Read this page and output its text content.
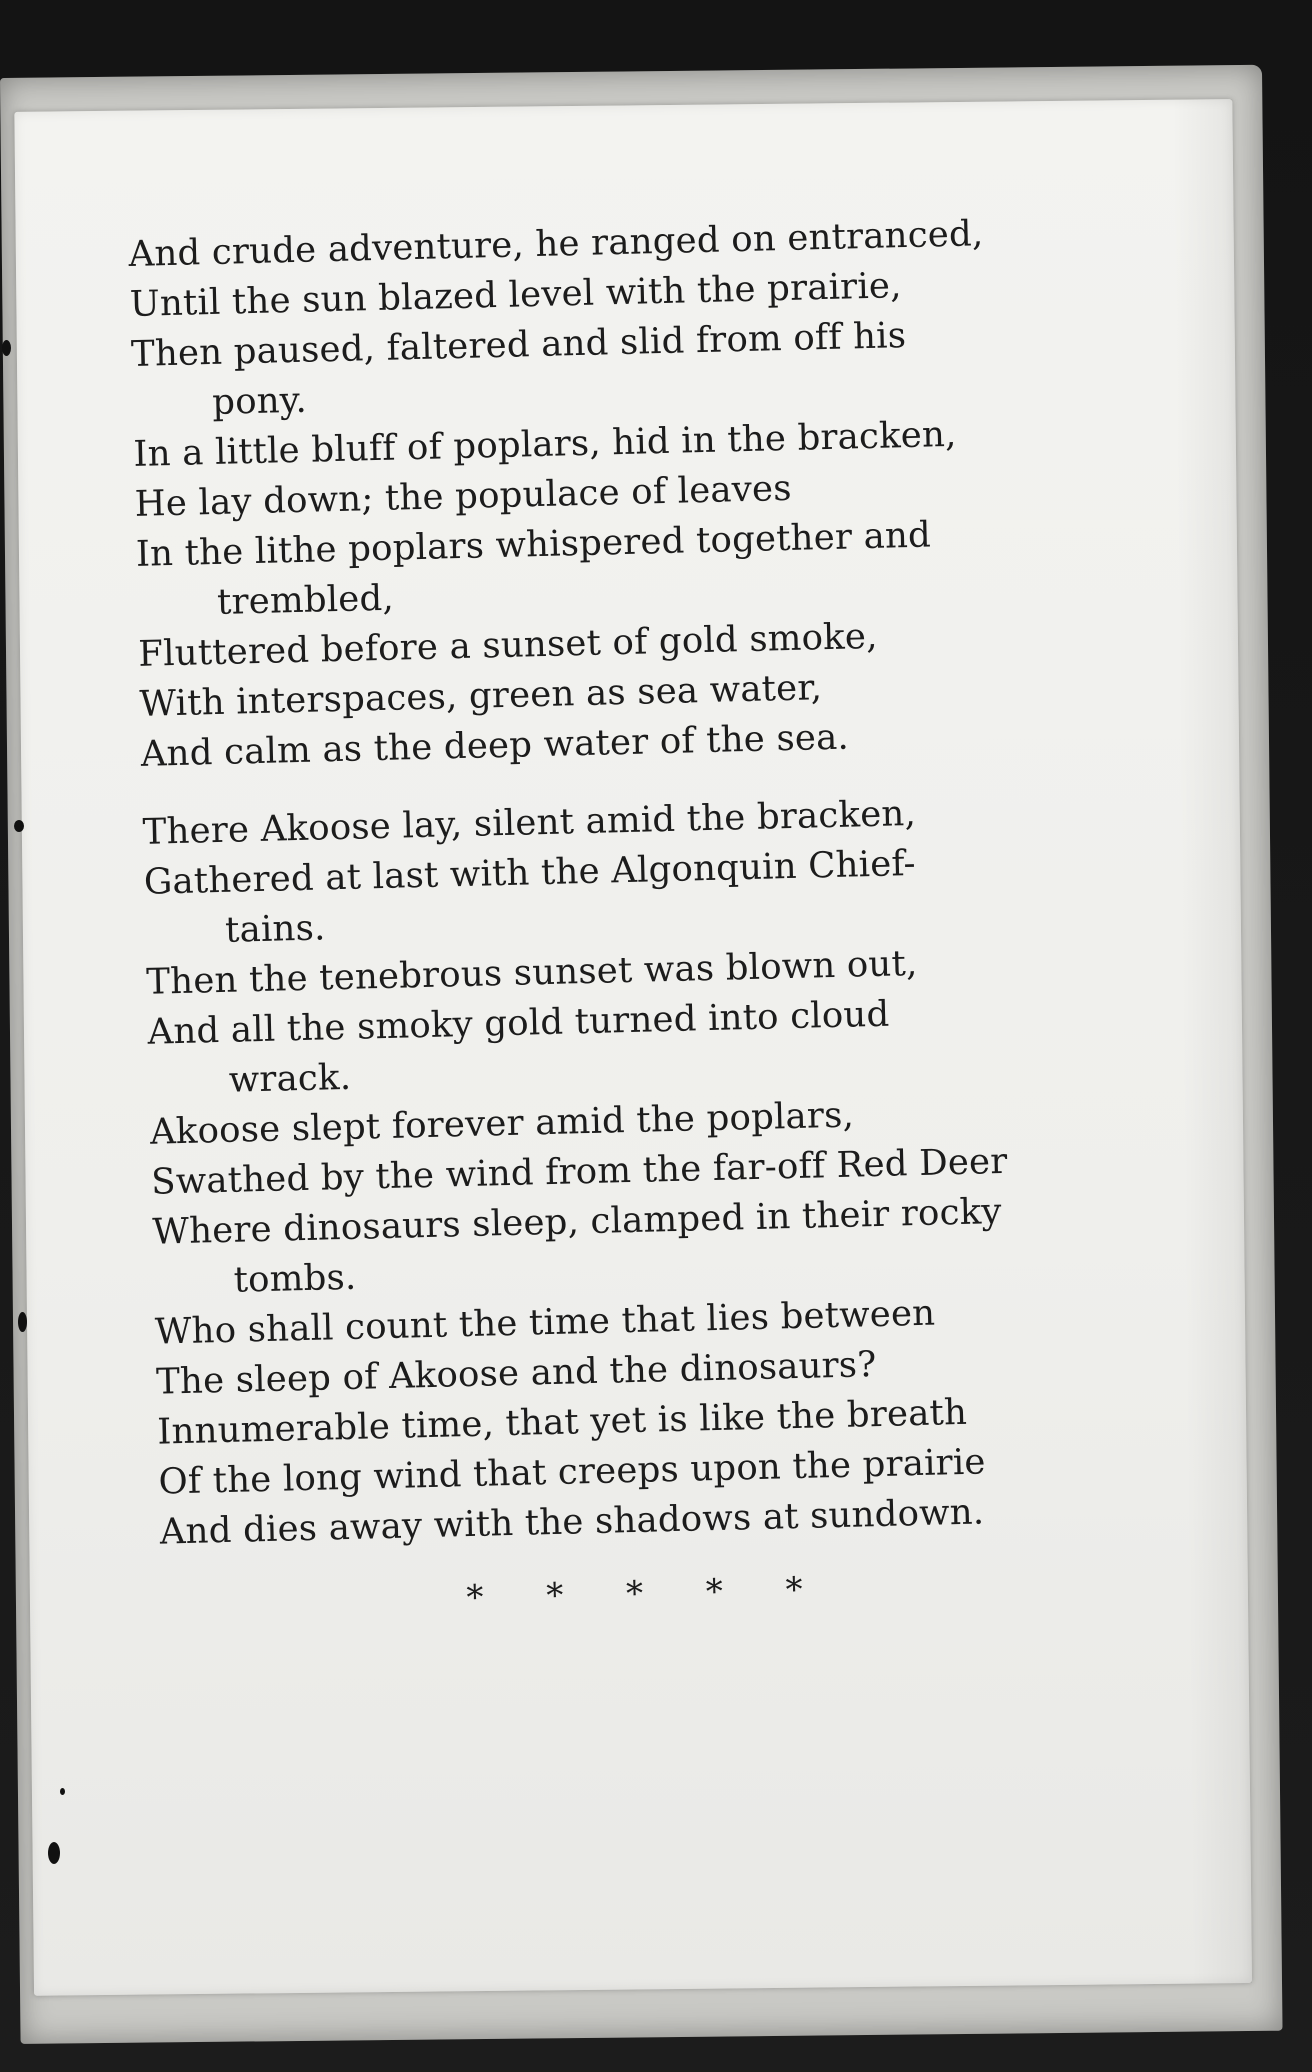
And crude adventure, he ranged on entranced,
Until the sun blazed level with the prairie,
Then paused, faltered and slid from off his
pony.
In a little bluff of poplars, hid in the bracken,
He lay down; the populace of leaves
In the lithe poplars whispered together and
trembled,
Fluttered before a sunset of gold smoke,
With interspaces, green as sea water,
And calm as the deep water of the sea.
There Akoose lay, silent amid the bracken,
Gathered at last with the Algonquin Chief-
tains.
Then the tenebrous sunset was blown out,
And all the smoky gold turned into cloud
wrack.
Akoose slept forever amid the poplars,
Swathed by the wind from the far-off Red Deer
Where dinosaurs sleep, clamped in their rocky
tombs.
Who shall count the time that lies between
The sleep of Akoose and the dinosaurs?
Innumerable time, that yet is like the breath
Of the long wind that creeps upon the prairie
And dies away with the shadows at sundown.
* * * * *
